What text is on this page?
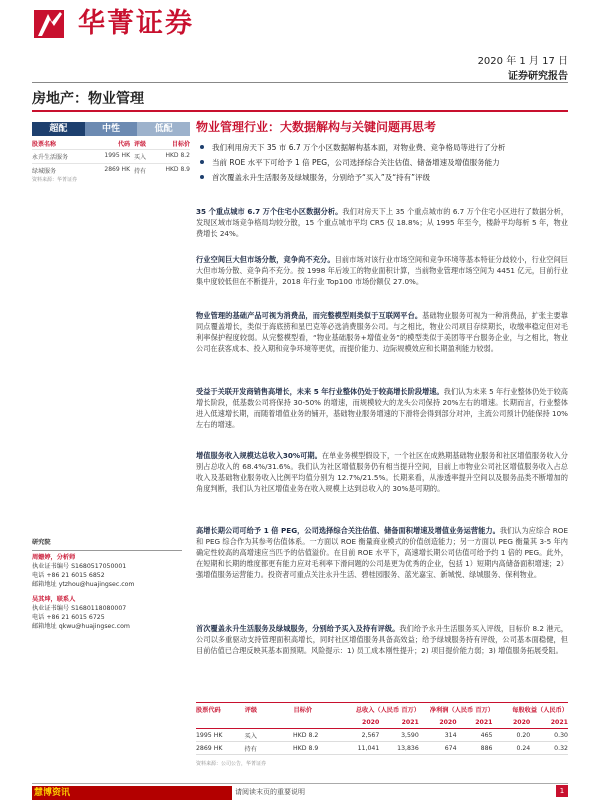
华菁证券
2020 年 1 月 17 日
证券研究报告
房地产：物业管理
超配	中性	低配
股票名称	代码 评级	目标价
永升生活服务	1995 HK 买入	HKD 8.2
绿城服务	2869 HK 持有	HKD 8.9
资料来源：华菁证券
物业管理行业：大数据解构与关键问题再思考
我们利用房天下 35 市 6.7 万个小区数据解构基本面，对物业费、竞争格局等进行了分析
当前 ROE 水平下可给予 1 倍 PEG，公司选择综合关注估值、储备增速及增值服务能力
首次覆盖永升生活服务及绿城服务，分别给予“买入”及“持有”评级
35 个重点城市 6.7 万个住宅小区数据分析。我们对房天下上 35 个重点城市的 6.7 万个住宅小区进行了数据分析，发现区域市场竞争格局均较分散，15 个重点城市平均 CR5 仅 18.8%；从 1995 年至今，楼龄平均每析 5 年，物业费增长 24%。
行业空间巨大但市场分散，竞争尚不充分。目前市场对该行业市场空间和竞争环境等基本特征分歧较小，行业空间巨大但市场分散、竞争尚不充分。按 1998 年后竣工的物业面积计算，当前物业管理市场空间为 4451 亿元，目前行业集中度较低但在不断提升，2018 年行业 Top100 市场份额仅 27.0%。
物业管理的基础产品可视为消费品，而完整模型则类似于互联网平台。基础物业服务可视为一种消费品，扩张主要靠同点覆盖增长，类似于海底捞和星巴克等必选消费服务公司。与之相比，物业公司项目存续期长，收缴率稳定但对毛利率保护程度较弱。从完整模型看，“物业基础服务+增值业务”的模型类似于美团等平台服务企业，与之相比，物业公司在获客成本、投入期和竞争环境等更优，而提价能力、边际规模效应和长期盈利能力较弱。
受益于关联开发商销售高增长，未来 5 年行业整体仍处于较高增长阶段增速。我们认为未来 5 年行业整体仍处于较高增长阶段，低基数公司将保持 30-50% 的增速，而规模较大的龙头公司保持 20%左右的增速。长期而言，行业整体进入低速增长期，而随着增值业务的铺开，基础物业服务增速的下滑将会得到部分对冲，主流公司预计仍能保持 10%左右的增速。
增值服务收入规模达总收入30%可期。在单业务模型假设下，一个社区在成熟期基础物业服务和社区增值服务收入分别占总收入的 68.4%/31.6%。我们认为社区增值服务仍有相当提升空间，目前上市物业公司社区增值服务收入占总收入及基础物业服务收入比例平均值分别为 12.7%/21.5%。长期来看，从渗透率提升空间以及服务品类不断增加的角度判断，我们认为社区增值业务在收入规模上达到总收入的 30%是可期的。
高增长期公司可给予 1 倍 PEG，公司选择综合关注估值、储备面积增速及增值业务运营能力。我们认为应综合 ROE 和 PEG 综合作为其参考估值体系。一方面以 ROE 衡量商业模式的价值创造能力；另一方面以 PEG 衡量其 3-5 年内确定性较高的高增速应当匹予的估值溢价。在目前 ROE 水平下，高速增长期公司估值可给予约 1 倍的 PEG。此外，在短期和长期的维度都更有能力应对毛利率下滑问题的公司是更为优秀的企业，包括 1）短期内高储备面积增速；2）强增值服务运营能力。投资者可重点关注永升生活、碧桂园服务、蓝光嘉宝、新城悦、绿城服务、保利物业。
首次覆盖永升生活服务及绿城服务，分别给予买入及持有评级。我们给予永升生活服务买入评级，目标价 8.2 港元，公司以多重驱动支持管理面积高增长，同时社区增值服务具备高效益；给予绿城服务持有评级，公司基本面稳健，但目前估值已合理反映其基本面预期。风险提示：1) 员工成本刚性提升；2) 项目提价能力弱；3) 增值服务拓展受阻。
研究院
周姗婷，分析师
执业证书编号 S1680517050001
电话 +86 21 6015 6852
邮箱地址 ytzhou@huajingsec.com
吴其坤，联系人
执业证书编号 S1680118080007
电话 +86 21 6015 6725
邮箱地址 qkwu@huajingsec.com
股票代码	评级	目标价	总收入（人民币 百万）	净利润（人民币 百万）	每股收益（人民币）
2020	2021	2020	2021	2020	2021
1995 HK	买入	HKD 8.2	2,567	3,590	314	465	0.20	0.30
2869 HK	持有	HKD 8.9	11,041	13,836	674	886	0.24	0.32
资料来源：公司公告，华菁证券
慧博资讯	请阅读末页的重要说明	1
